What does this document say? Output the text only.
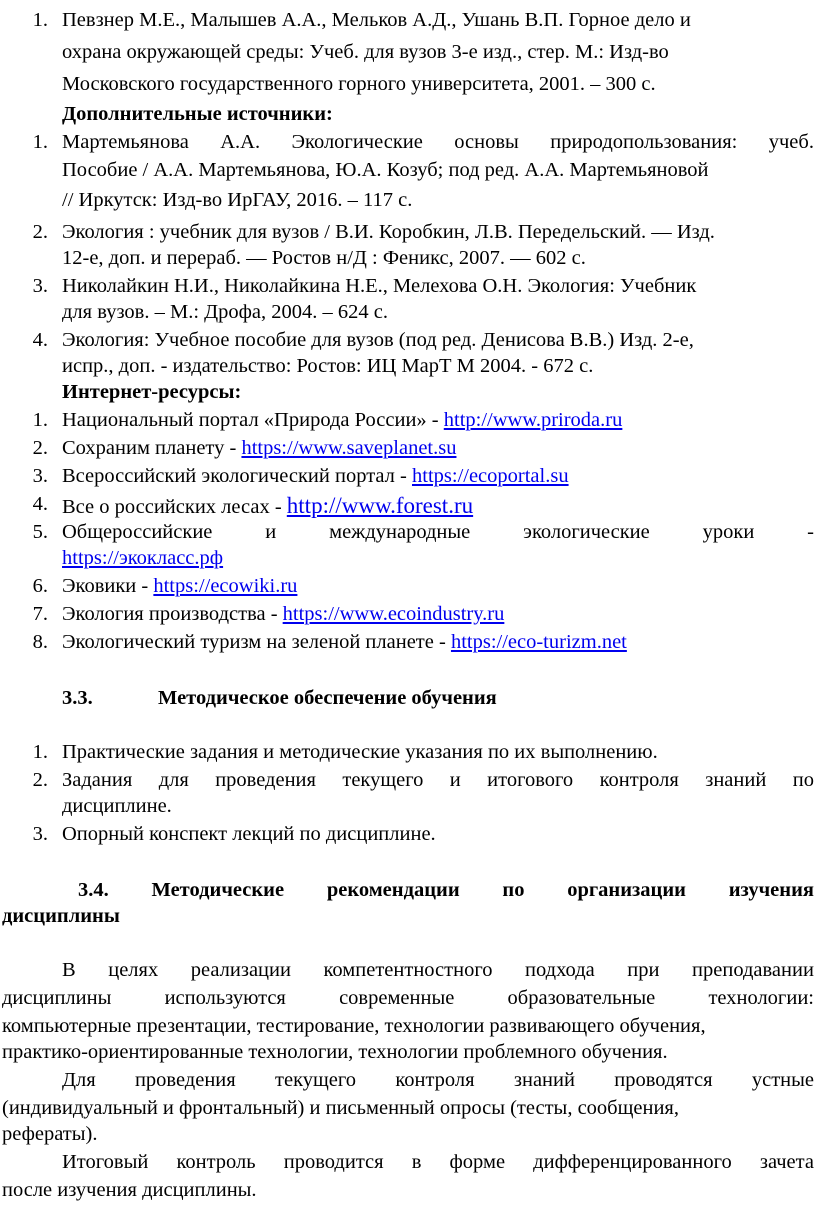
1. Певзнер М.Е., Малышев А.А., Мельков А.Д., Ушань В.П. Горное дело и
охрана окружающей среды: Учеб. для вузов 3-е изд., стер. М.: Изд-во
Московского государственного горного университета, 2001. – 300 с.
Дополнительные источники:
1. Мартемьянова А.А. Экологические основы природопользования: учеб.
Пособие / А.А. Мартемьянова, Ю.А. Козуб; под ред. А.А. Мартемьяновой
// Иркутск: Изд-во ИрГАУ, 2016. – 117 с.
2. Экология : учебник для вузов / В.И. Коробкин, Л.В. Передельский. — Изд.
12-е, доп. и перераб. — Ростов н/Д : Феникс, 2007. — 602 с.
3. Николайкин Н.И., Николайкина Н.Е., Мелехова О.Н. Экология: Учебник
для вузов. – М.: Дрофа, 2004. – 624 с.
4. Экология: Учебное пособие для вузов (под ред. Денисова В.В.) Изд. 2-е,
испр., доп. - издательство: Ростов: ИЦ МарТ М 2004. - 672 с.
Интернет-ресурсы:
1. Национальный портал «Природа России» - http://www.priroda.ru
2. Сохраним планету - https://www.saveplanet.su
3. Всероссийский экологический портал - https://ecoportal.su
4. Все о российских лесах - http://www.forest.ru
5. Общероссийские	и	международные	экологические	уроки	-
https://экокласс.рф
6. Эковики - https://ecowiki.ru
7. Экология производства - https://www.ecoindustry.ru
8. Экологический туризм на зеленой планете - https://eco-turizm.net
3.3.	Методическое обеспечение обучения
1. Практические задания и методические указания по их выполнению.
2. Задания для проведения текущего и итогового контроля знаний по
дисциплине.
3. Опорный конспект лекций по дисциплине.
3.4. Методические рекомендации по организации изучения
дисциплины
В целях реализации компетентностного подхода при преподавании
дисциплины	используются	современные	образовательные	технологии:
компьютерные презентации, тестирование, технологии развивающего обучения,
практико-ориентированные технологии, технологии проблемного обучения.
Для проведения текущего контроля знаний проводятся устные
(индивидуальный и фронтальный) и письменный опросы (тесты, сообщения,
рефераты).
Итоговый контроль проводится в форме дифференцированного зачета
после изучения дисциплины.
